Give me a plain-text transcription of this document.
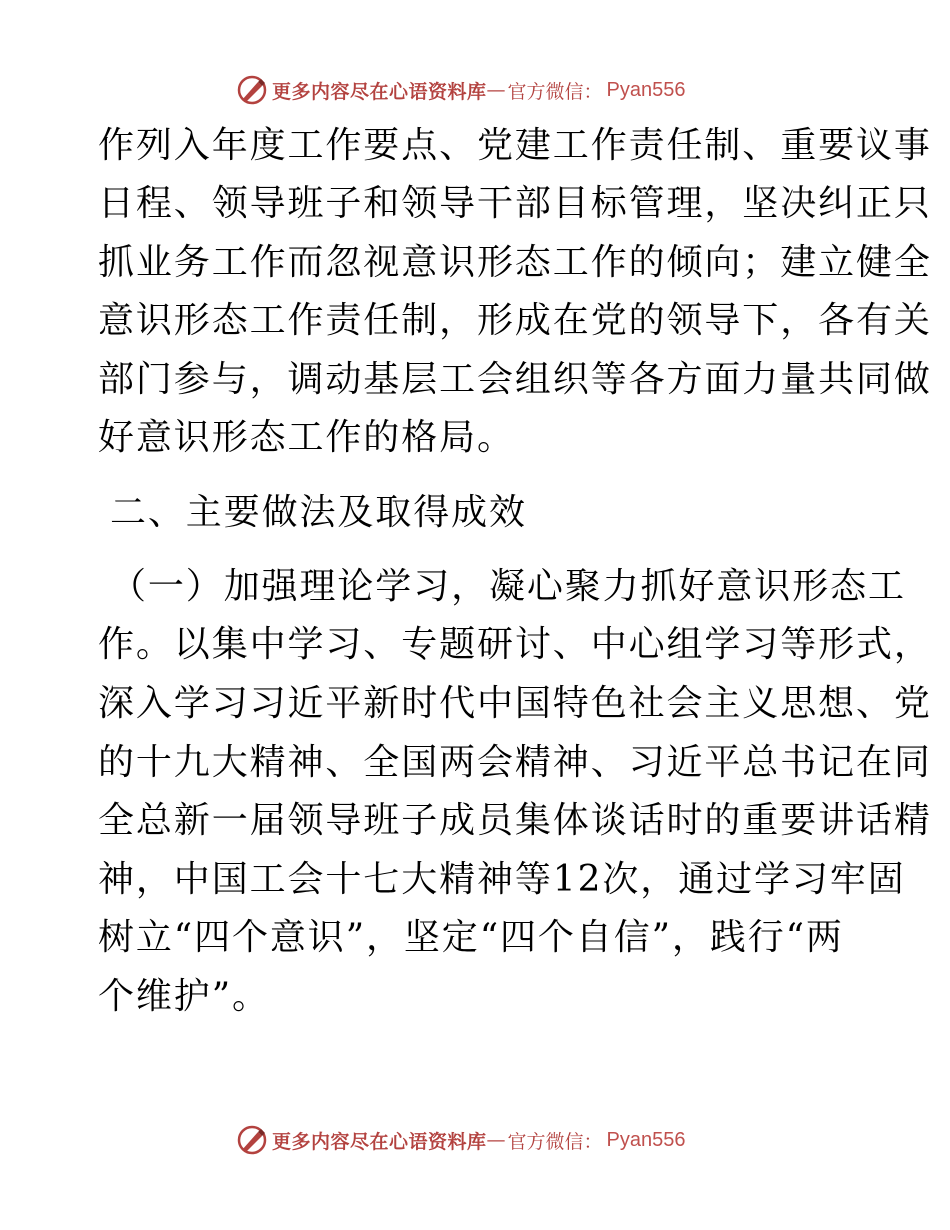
更多内容尽在心语资料库 — 官方微信： Pyan556
作列入年度工作要点、党建工作责任制、重要议事
日程、领导班子和领导干部目标管理，坚决纠正只
抓业务工作而忽视意识形态工作的倾向；建立健全
意识形态工作责任制，形成在党的领导下，各有关
部门参与，调动基层工会组织等各方面力量共同做
好意识形态工作的格局。
二、主要做法及取得成效
（一）加强理论学习，凝心聚力抓好意识形态工
作。以集中学习、专题研讨、中心组学习等形式，
深入学习习近平新时代中国特色社会主义思想、党
的十九大精神、全国两会精神、习近平总书记在同
全总新一届领导班子成员集体谈话时的重要讲话精
神，中国工会十七大精神等12次，通过学习牢固
树立“四个意识”，坚定“四个自信”，践行“两
个维护”。
更多内容尽在心语资料库 — 官方微信： Pyan556
